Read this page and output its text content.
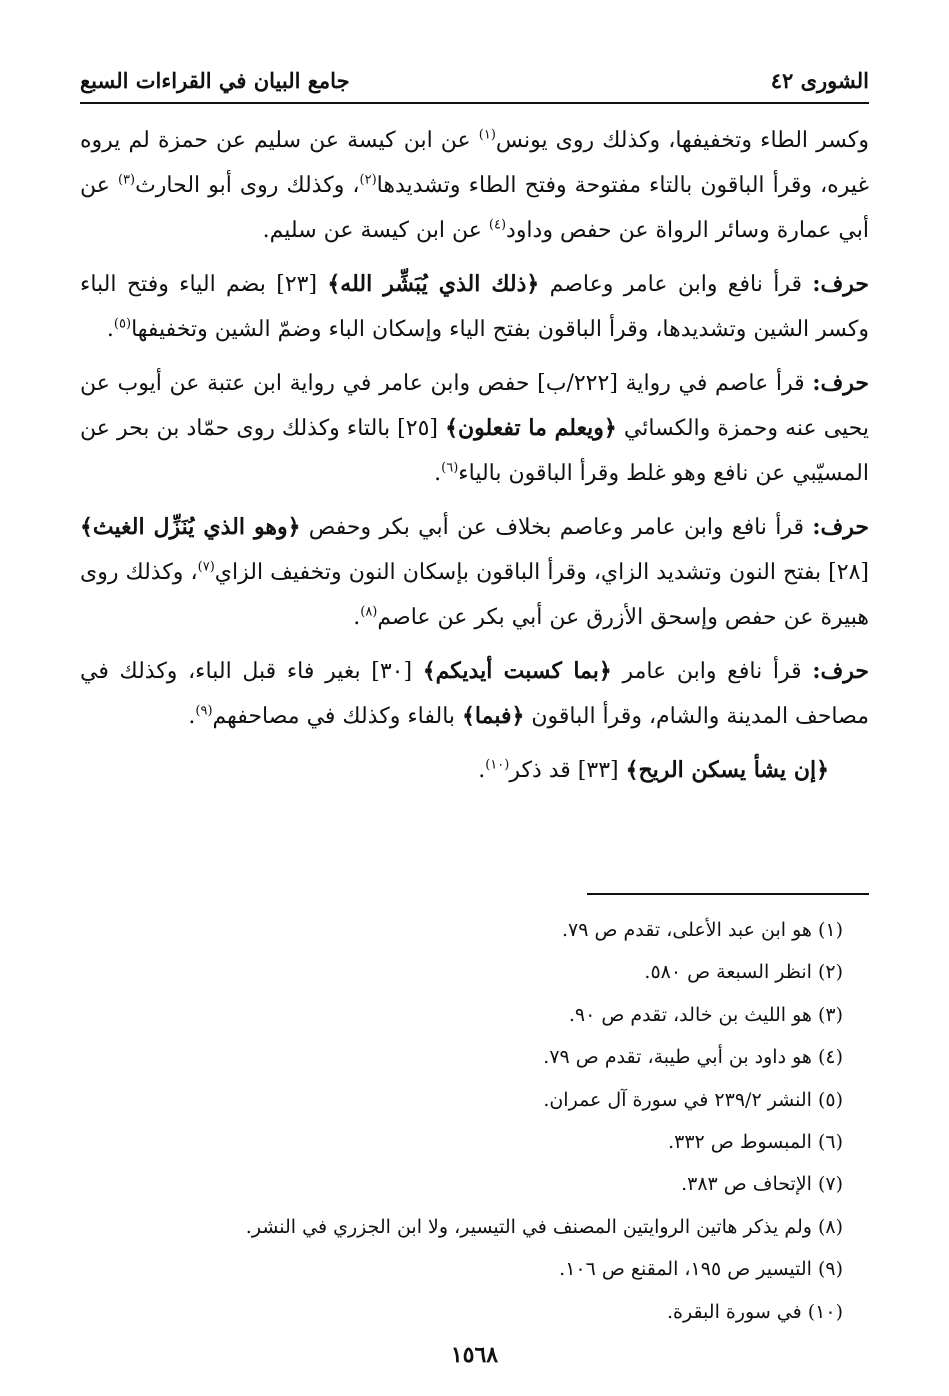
الشورى ٤٢
جامع البيان في القراءات السبع

وكسر الطاء وتخفيفها، وكذلك روى يونس$^{(١)}$ عن ابن كيسة عن سليم عن حمزة لم يروه غيره، وقرأ الباقون بالتاء مفتوحة وفتح الطاء وتشديدها$^{(٢)}$، وكذلك روى أبو الحارث$^{(٣)}$ عن أبي عمارة وسائر الرواة عن حفص وداود$^{(٤)}$ عن ابن كيسة عن سليم.

حرف: قرأ نافع وابن عامر وعاصم ﴿ذلك الذي يُبَشِّر الله﴾ [٢٣] بضم الياء وفتح الباء وكسر الشين وتشديدها، وقرأ الباقون بفتح الياء وإسكان الباء وضمّ الشين وتخفيفها$^{(٥)}$.

حرف: قرأ عاصم في رواية [٢٢٢/ب] حفص وابن عامر في رواية ابن عتبة عن أيوب عن يحيى عنه وحمزة والكسائي ﴿ويعلم ما تفعلون﴾ [٢٥] بالتاء وكذلك روى حمّاد بن بحر عن المسيّبي عن نافع وهو غلط وقرأ الباقون بالياء$^{(٦)}$.

حرف: قرأ نافع وابن عامر وعاصم بخلاف عن أبي بكر وحفص ﴿وهو الذي يُنَزِّل الغيث﴾ [٢٨] بفتح النون وتشديد الزاي، وقرأ الباقون بإسكان النون وتخفيف الزاي$^{(٧)}$، وكذلك روى هبيرة عن حفص وإسحق الأزرق عن أبي بكر عن عاصم$^{(٨)}$.

حرف: قرأ نافع وابن عامر ﴿بما كسبت أيديكم﴾ [٣٠] بغير فاء قبل الباء، وكذلك في مصاحف المدينة والشام، وقرأ الباقون ﴿فبما﴾ بالفاء وكذلك في مصاحفهم$^{(٩)}$.

﴿إن يشأ يسكن الريح﴾ [٣٣] قد ذكر$^{(١٠)}$.

(١)هو ابن عبد الأعلى، تقدم ص ٧٩.
(٢)انظر السبعة ص ٥٨٠.
(٣)هو الليث بن خالد، تقدم ص ٩٠.
(٤)هو داود بن أبي طيبة، تقدم ص ٧٩.
(٥)النشر ٢٣٩/٢ في سورة آل عمران.
(٦)المبسوط ص ٣٣٢.
(٧)الإتحاف ص ٣٨٣.
(٨)ولم يذكر هاتين الروايتين المصنف في التيسير، ولا ابن الجزري في النشر.
(٩)التيسير ص ١٩٥، المقنع ص ١٠٦.
(١٠)في سورة البقرة.
١٥٦٨
